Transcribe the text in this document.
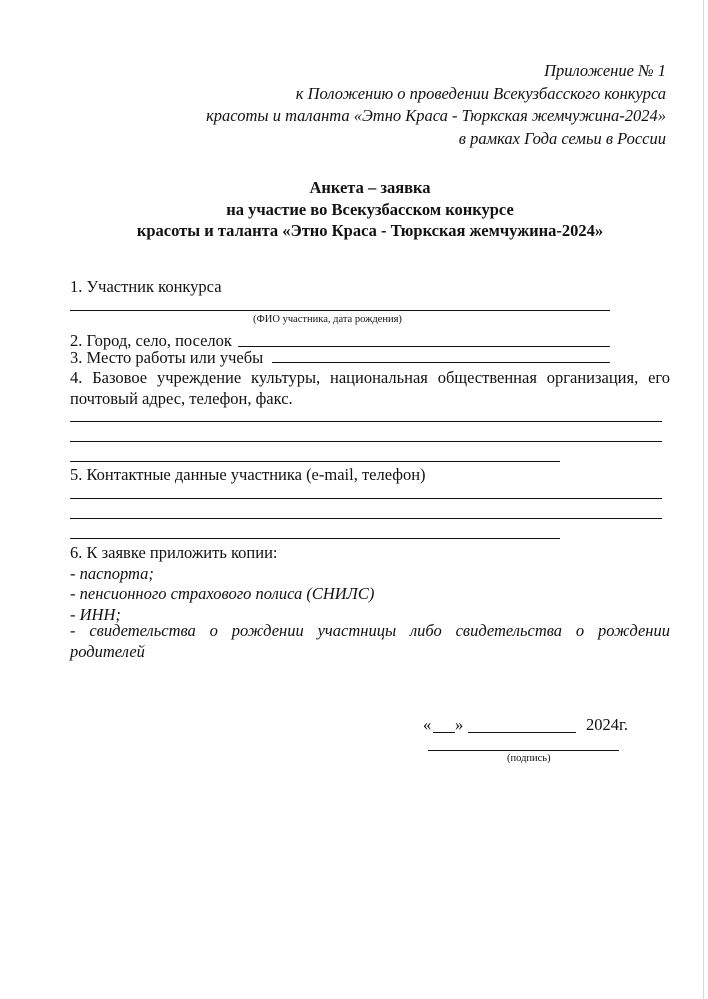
Приложение № 1
к Положению о проведении Всекузбасского конкурса
красоты и таланта «Этно Краса - Тюркская жемчужина-2024»
в рамках Года семьи в России
Анкета – заявка
на участие во Всекузбасском конкурсе
красоты и таланта «Этно Краса - Тюркская жемчужина-2024»
1. Участник конкурса
(ФИО участника, дата рождения)
2. Город, село, поселок
3. Место работы или учебы
4. Базовое учреждение культуры, национальная общественная организация, его почтовый адрес, телефон, факс.
5. Контактные данные участника (e-mail, телефон)
6. К заявке приложить копии:
- паспорта;
- пенсионного страхового полиса (СНИЛС)
- ИНН;
- свидетельства о рождении участницы либо свидетельства о рождении родителей
« »	2024г.
(подпись)
